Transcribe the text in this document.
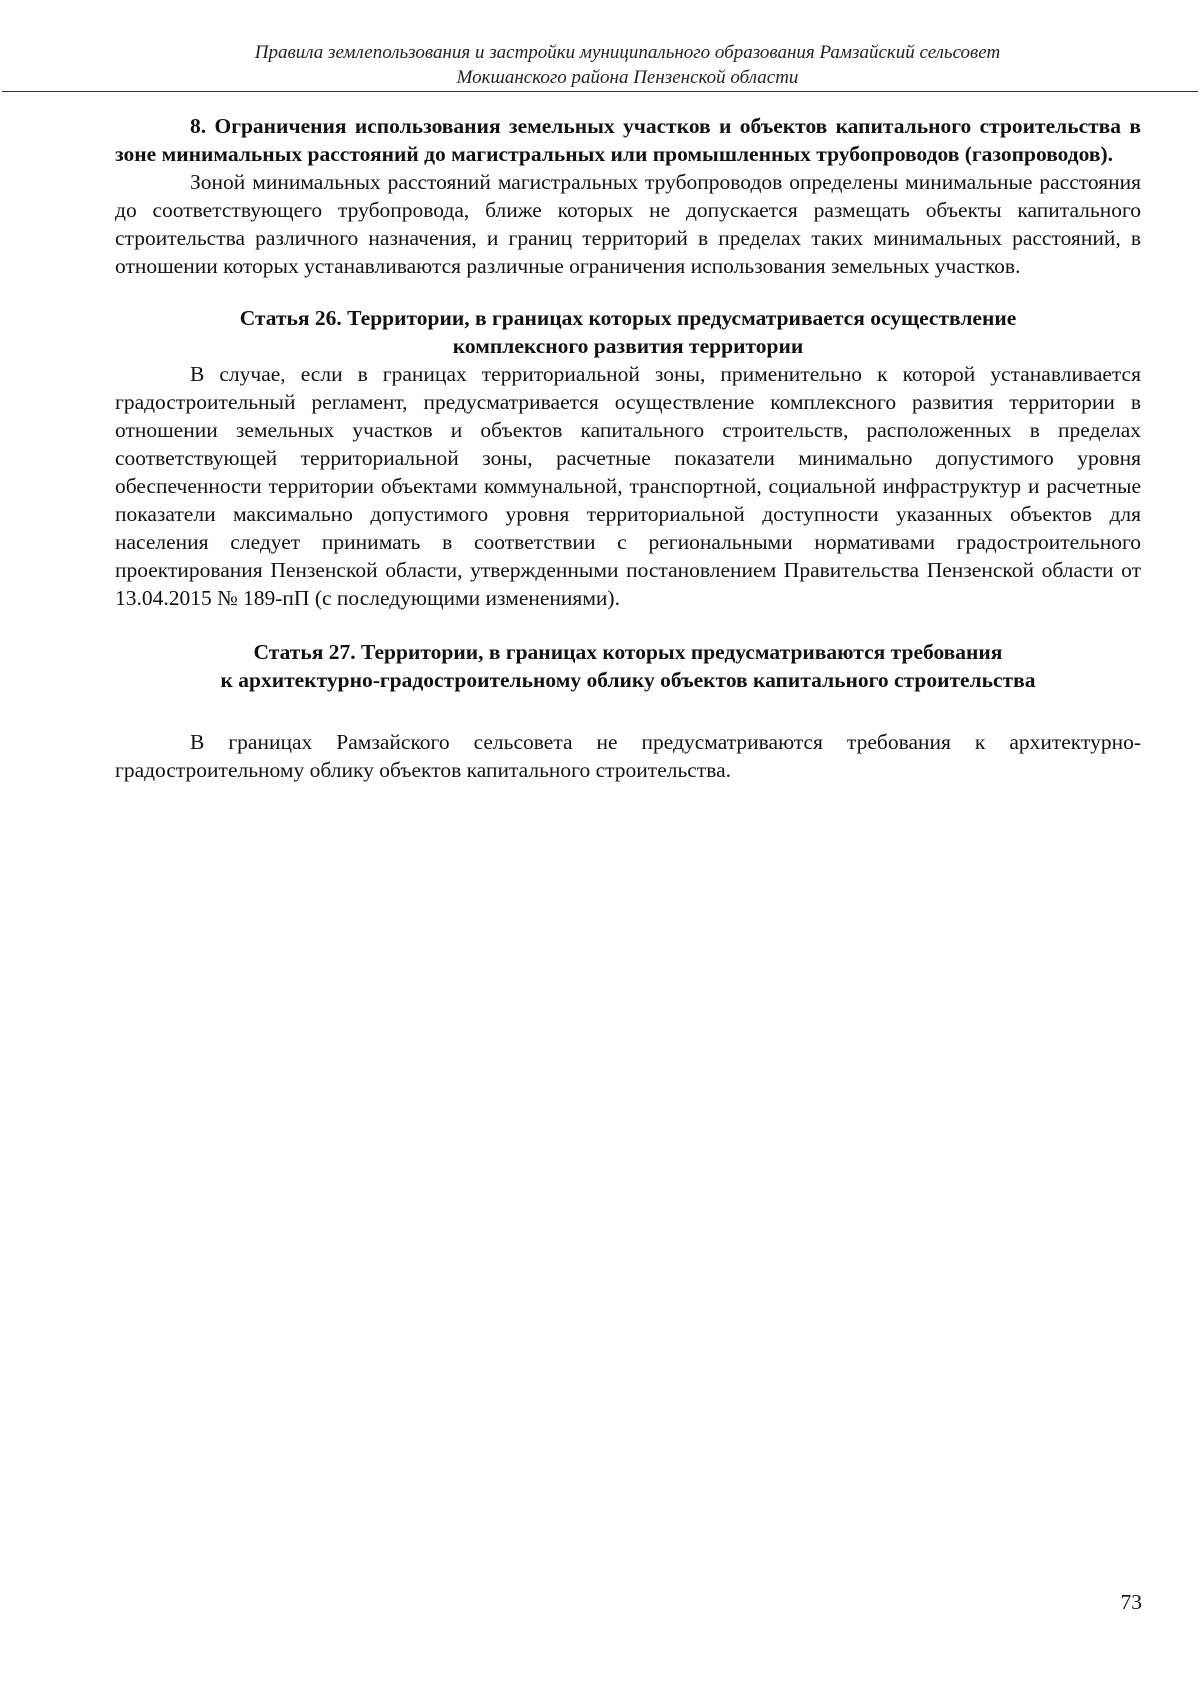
Правила землепользования и застройки муниципального образования Рамзайский сельсовет
Мокшанского района Пензенской области

8. Ограничения использования земельных участков и объектов капитального строительства в зоне минимальных расстояний до магистральных или промышленных трубопроводов (газопроводов).

Зоной минимальных расстояний магистральных трубопроводов определены минимальные расстояния до соответствующего трубопровода, ближе которых не допускается размещать объекты капитального строительства различного назначения, и границ территорий в пределах таких минимальных расстояний, в отношении которых устанавливаются различные ограничения использования земельных участков.

Статья 26. Территории, в границах которых предусматривается осуществление
комплексного развития территории

В случае, если в границах территориальной зоны, применительно к которой устанавливается градостроительный регламент, предусматривается осуществление комплексного развития территории в отношении земельных участков и объектов капитального строительств, расположенных в пределах соответствующей территориальной зоны, расчетные показатели минимально допустимого уровня обеспеченности территории объектами коммунальной, транспортной, социальной инфраструктур и расчетные показатели максимально допустимого уровня территориальной доступности указанных объектов для населения следует принимать в соответствии с региональными нормативами градостроительного проектирования Пензенской области, утвержденными постановлением Правительства Пензенской области от 13.04.2015 № 189-пП (с последующими изменениями).

Статья 27. Территории, в границах которых предусматриваются требования
к архитектурно-градостроительному облику объектов капитального строительства

В границах Рамзайского сельсовета не предусматриваются требования к архитектурно-градостроительному облику объектов капитального строительства.

73
